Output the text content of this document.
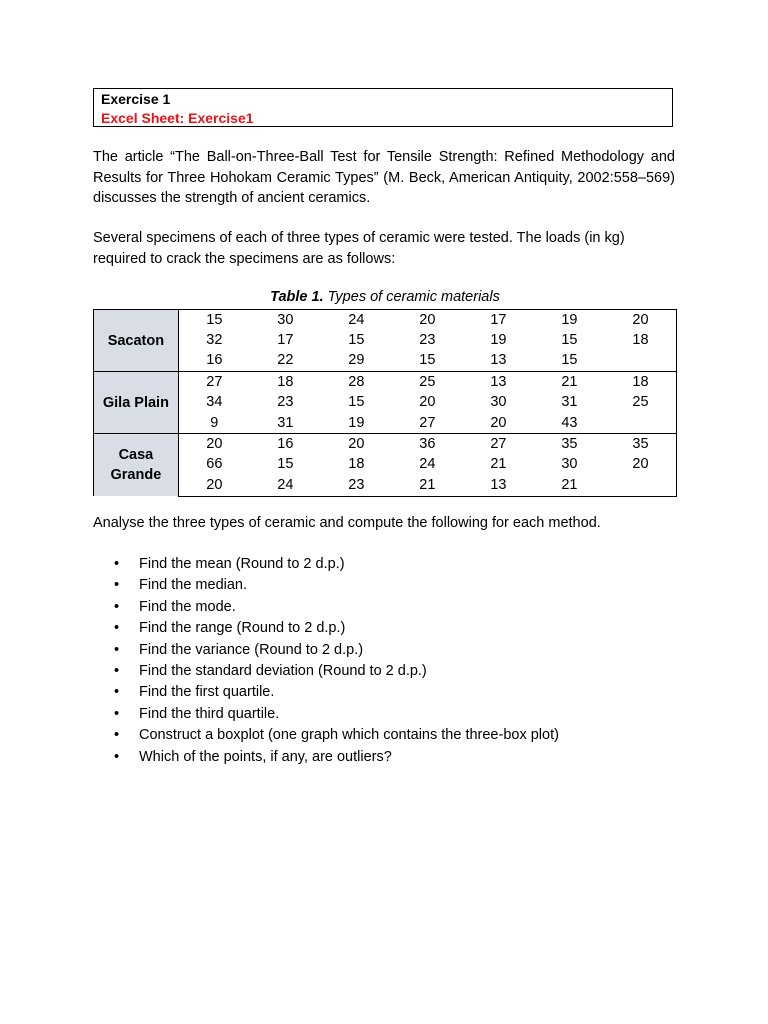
Exercise 1
Excel Sheet: Exercise1

The article “The Ball-on-Three-Ball Test for Tensile Strength: Refined Methodology and Results for Three Hohokam Ceramic Types” (M. Beck, American Antiquity, 2002:558–569) discusses the strength of ancient ceramics.

Several specimens of each of three types of ceramic were tested. The loads (in kg) required to crack the specimens are as follows:

Table 1. Types of ceramic materials
Sacaton	15	30	24	20	17	19	20
	32	17	15	23	19	15	18
	16	22	29	15	13	15	
Gila Plain	27	18	28	25	13	21	18
	34	23	15	20	30	31	25
	9	31	19	27	20	43	
Casa
Grande	20	16	20	36	27	35	35
	66	15	18	24	21	30	20
	20	24	23	21	13	21	

Analyse the three types of ceramic and compute the following for each method.

• Find the mean (Round to 2 d.p.)
• Find the median.
• Find the mode.
• Find the range (Round to 2 d.p.)
• Find the variance (Round to 2 d.p.)
• Find the standard deviation (Round to 2 d.p.)
• Find the first quartile.
• Find the third quartile.
• Construct a boxplot (one graph which contains the three-box plot)
• Which of the points, if any, are outliers?
